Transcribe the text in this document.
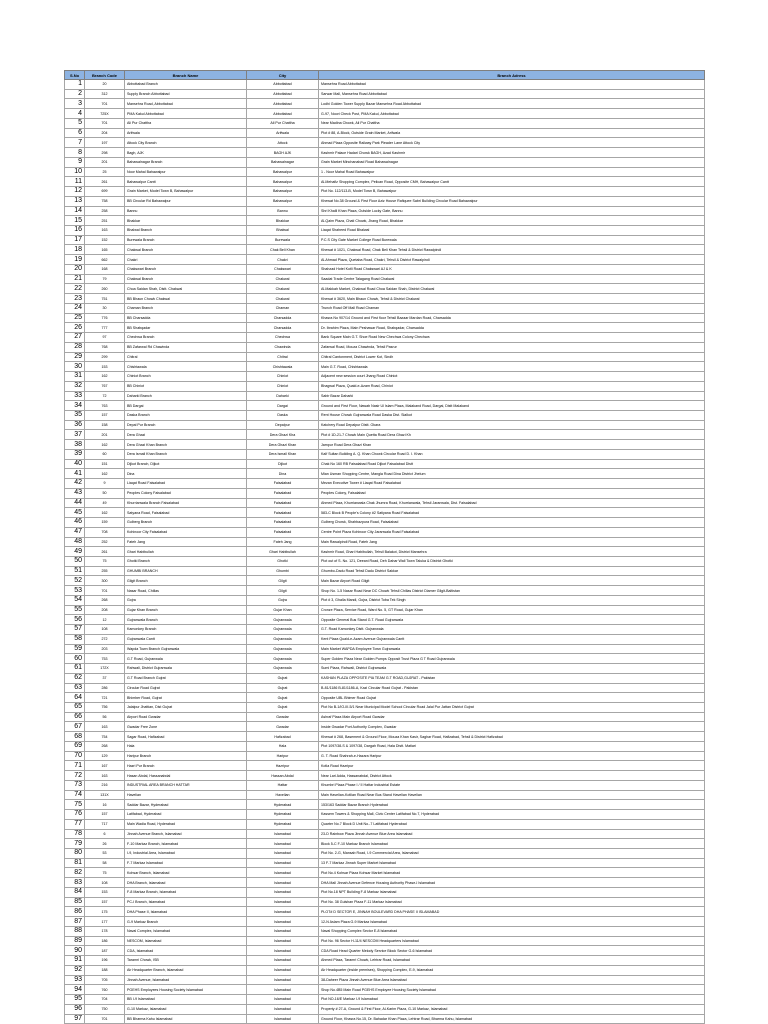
S.No	Branch Code	Branch Name	City	Branch Adress
1	20	Abbottabad Branch	Abbottabad	Mansehra Road Abbottabad
2	312	Supply Branch Abbottabad	Abbottabad	Sarwar Mall, Mansehra Road Abbottabad
3	701	Mansehra Road, Abbottabad	Abbottabad	Lodhi Golden Tower Supply Bazar Mansehra Road Abbottabad
4	725X	PMA Kakul Abbottabad	Abbottabad	G-97, Noori Check Post, PMA Kakul, Abbottabad
5	701	Ali Pur Chattha	Ali Pur Chattha	Near Madina Chowk, Ali Pur Chattha
6	204	Arifwala	Arifwala	Plot # 88, A-Block, Outside Grain Market, Arifwala
7	197	Attock City Branch	Attock	Ahmad Plaza Opposite Railway Park Pleader Lane Attock City
8	298	Bagh, AJK	BAGH AJK	Kashmir Palace Hadari Chowk BAGH, Azad Kashmir
9	201	Bahawalnagar Branch	Bahawalnagar	Grain Market Minchanabad Road Bahawalnagar
10	25	Noor Mahal Bahawalpur	Bahawalpur	1 - Noor Mahal Road Bahawalpur
11	261	Bahawalpur Cantt	Bahawalpur	Al-Mehafiz Shopping Complex, Pelican Road, Opposite CMH, Bahawalpur Cantt
12	699	Grain Market, Model Town B, Bahawalpur	Bahawalpur	Plot No. 112/113-B, Model Town B, Bahawalpur
13	758	BB Circular Rd Bahawalpur	Bahawalpur	Khewat No.38 Ground & First Floor Aziz House Rafiquee Sabri Building Circular Road Bahawalpur
14	258	Bannu	Bannu	Shri Khalil Khan Plaza, Outside Lucky Gate, Bannu
15	251	Bhakkar	Bhakkar	Al-Qaim Plaza, Chati Chowk, Jhang Road, Bhakkar
16	163	Bhalwal Branch	Bhalwal	Liaqat Shaheed Road Bhalwal
17	152	Burewala Branch	Burewala	P.C.S City Gate Market College Road Burewala
18	165	Chakwal Branch	Chak Beli Khan	Khewat # 1021, Chakwal Road, Chak Beli Khan Tehsil & District Rawalpindi
19	662	Chakri	Chakri	Al-Ahmad Plaza, Quetaba Road, Chakri, Tehsil & District Rawalpindi
20	168	Chakswari Branch	Chakswari	Shahzad Hotel Kotli Road Chakswari AJ & K
21	79	Chakwal Branch	Chakwal	Saadat Trade Centre Talagang Road Chakwal
22	260	Choa Saidan Shah, Distt. Chakwal	Chakwal	Al-Makkah Market, Chakwal Road Choa Saidan Shah, District Chakwal
23	751	BB Bhaun Chowk Chakwal	Chakwal	Khewat # 3620, Main Bhaun Chowk, Tehsil & District Chakwal
24	30	Chaman Branch	Chaman	Trunch Road Off Mall Road Chaman
25	776	BB Charsadda	Charsadda	Khasra No 907/14 Ground and First floor Tehsil Bazaar Mardan Road, Charsadda
26	777	BB Shabqadar	Charsadda	Dr. Ibrahim Plaza, Main Peshawar Road, Shabqadar, Charsadda
27	97	Chechwa Branch	Chechwa	Bank Square Main G.T. Shoe Road New Chechwa Colony Chechwa
28	768	BB Zafarwal Rd Chawinda	Chawinda	Zafarwal Road, Mouza Chawinda, Tehsil Pasrur
29	299	Chitral	Chitral	Chitral Cantonment, District Lower Kot, Sindh
30	153	Chishtawala	Chishtawala	Main G.T. Road, Chishtawala
31	162	Chiniot Branch	Chiniot	Adjacent new session court Jhang Road Chiniot
32	767	BB Chiniot	Chiniot	Bhagwal Plaza, Quaid-e-Azam Road, Chiniot
33	72	Daharki Branch	Daharki	Sabir Bazar Daharki
34	763	BB Dargai	Dargai	Ground and First Floor, Nawab Nasir Ul Islam Plaza, Malakand Road, Dargai, Distt Malakand
35	157	Daska Branch	Daska	Rent House Chowk Gujranwala Road Daska Dist. Sialkot
36	158	Depal Pur Branch	Depalpur	Katchery Road Depalpur Distt. Okara
37	201	Dera Ghazi	Dera Ghazi Kha	Plot # 1D-21-7 Chowk Main Quetta Road Dera Ghazi Kh
38	162	Dera Ghazi Khan Branch	Dera Ghazi Khan	Jampur Road Dera Ghazi Khan
39	60	Dera Ismail Khan Branch	Dera Ismail Khan	Kalf Sultan Building A. Q. Khan Chowk Circular Road D. I. Khan
40	151	Dijkot Branch, Dijkot	Dijkot	Chak No 160 RB Faisalabad Road Dijkot Faisalabad Distt
41	162	Dina	Dina	Mian Usman Shopping Centre, Mangla Road Dina District Jhelum
42	9	Liaqat Road Faisalabad	Faisalabad	Mezan Executive Tower # Liaqat Road Faisalabad
43	50	Peoples Colony Faisalabad	Faisalabad	Peoples Colony, Faisalabad
44	49	Khurrianwala Branch Faisalabad	Faisalabad	Ahmed Plaza, Khurrianwala Chak Jhumra Road, Khurrianwala, Tehsil Jaranwala, Dist. Faisalabad
45	162	Satyana Road, Faisalabad	Faisalabad	583-C Block B People's Colony #2 Satiyana Road Faisalabad
46	159	Gulberg Branch	Faisalabad	Gulberg Chowk, Shahbazpura Road, Faisalabad
47	708	Kohinoor City Faisalabad	Faisalabad	Centre Point Plaza Kohinoor City Jaranwala Road Faisalabad
48	252	Fateh Jang	Fateh Jang	Main Rawalpindi Road, Fateh Jang
49	261	Ghari Habibullah	Ghari Habibullah	Kashmir Road, Ghari Habibullah, Tehsil Balakot, District Mansehra
50	75	Ghotki Branch	Ghotki	Plot out of S. No. 121, Deeani Road, Deh Dahar Wali Town Taluka & District Ghotki
51	255	GHUMBI BRANCH	Ghumbi	Ghumbo-Dadu Road Tehsil Dadu District Sakkar
52	300	Gilgit Branch	Gilgit	Main Bazar Airport Road Gilgit
53	701	Nasar Road, Chillas	Gilgit	Shop No. 1-5 Nasar Road Near DC Chowk Tehsil Chillas District Diamer Gilgit-Baltistan
54	268	Gojra	Gojra	Plot # 3, Ghalla Mandi, Gojra, District Toba Tek Singh
55	208	Gujar Khan Branch	Gujar Khan	Cronze Plaza, Service Road, Ward No. 5, GT Road, Gujar Khan
56	12	Gujranwala Branch	Gujranwala	Opposite General Bus Stand G.T. Road Gujranwala
57	108	Kamonkey Branch	Gujranwala	G.T. Road Kamonkey Distt. Gujranwala
58	272	Gujranwala Cantt	Gujranwala	Kent Plaza Quaid-e-Azam Avenue Gujranwala Cantt
59	203	Wapda Town Branch Gujranwala	Gujranwala	Main Market WAPDA Employee Town Gujranwala
60	753	G.T Road, Gujranwala	Gujranwala	Super Golden Plaza Near Golden Pumps Opposit Trust Plaza G T Road Gujranwala
61	172X	Rahwali, District Gujranwala	Gujranwala	Sumi Plaza, Rahwali, District Gujranwala
62	37	G.T Road Branch Gujrat	Gujrat	KASHAN PLAZA OPPOSITE PIA TEAM G.T ROAD,GUJRAT - Pakistan
63	286	Circular Road Gujrat	Gujrat	B-81/1186 B-81/1186-A, Kazi Circular Road Gujrat - Pakistan
64	721	Bhimber Road, Gujrat	Gujrat	Opposite UBL Bhimer Road Gujrat
65	756	Jalalpur Jhattian, Dist Gujrat	Gujrat	Plot No B-1/IO-III-5/1 Near Municipal Model School Circular Road Jalal Pur Jattan District Gujrat
66	56	Airport Road Gwadar	Gwadar	Ashraf Plaza Main Airport Road Gwadar
67	163	Gwadar Free Zone	Gwadar	Inside Gwadar Port Authority Complex, Gwadar
68	754	Sagar Road, Hafizabad	Hafizabad	Khewat # 268, Basement & Ground Floor, Mouza Khan Kasir, Saghar Road, Hafizabad, Tehsil & District Hafizabad
69	268	Hala	Hala	Plot 1097/38-S & 1097/38, Dargah Road, Hala Distt. Matiari
70	129	Haripur Branch	Haripur	G. T. Road Shahrah-e-Hazara Haripur
71	167	Hazri Pur Branch	Hazripur	Kotla Road Hazripur
72	163	Hasan Abdal, Hassanabdal	Hassan Abdal	Near Lari Adda, Hassanabdal, District Attock
73	216	INDUSTRIAL AREA BRANCH HATTAR	Hattar	Khumbri Plaza Phase I / II Hattar Industrial Estate
74	131X	Havelian	Havelian	Main Havelian-Kotlian Road Near Bus Stand Havelian Havelian
75	16	Saddar Bazar, Hyderabad	Hyderabad	153/163 Saddar Bazar Branch Hyderabad
76	157	Latifabad, Hyderabad	Hyderabad	Kassem Towers & Shopping Mall, Civic Center Latifabad No.7, Hyderabad
77	717	Main Wadia Road, Hyderabad	Hyderabad	Quarter No.7 Block D Unit No.-7 Latifabad Hyderabad
78	6	Jinnah Avenue Branch, Islamabad	Islamabad	23-D Rainbow Plaza Jinnah Avenue Blue Area Islamabad
79	26	F-10 Markaz Branch, Islamabad	Islamabad	Block 5-C F-10 Markaz Branch Islamabad
80	53	I-9, Industrial Area, Islamabad	Islamabad	Plot No. 2-G, Mansab Road, I-9 Commercial Area, Islamabad
81	58	F-7 Markaz Islamabad	Islamabad	13 F-7 Markaz Jinnah Super Market Islamabad
82	75	Kohsar Branch, Islamabad	Islamabad	Plot No.4 Kohsar Plaza Kohsar Market Islamabad
83	108	DHA Branch, Islamabad	Islamabad	DHA Mall Jinnah Avenue Defence Housing Authority Phase-I Islamabad
84	153	F-8 Markaz Branch, Islamabad	Islamabad	Plot No.18 NPT Building F-8 Markaz Islamabad
85	157	PC-I Branch, Islamabad	Islamabad	Plot No. 38 Gulshan Plaza F-11 Markaz Islamabad
86	175	DHA Phase II, Islamabad	Islamabad	PLOT# D SECTOR E, JINNAH BOULEVARD DHA PHASE II ISLAMABAD
87	177	G-9 Markaz Branch	Islamabad	12-N Aslam Plaza G-9 Markaz Islamabad
88	178	Naval Complex, Islamabad	Islamabad	Naval Shopping Complex Sector E-8 Islamabad
89	186	NESCOM, Islamabad	Islamabad	Plot No. 96 Sector H-11/4 NESCOM Headquarters Islamabad
90	187	CDA, Islamabad	Islamabad	CDA Road Head Quarter Melody Service Block Sector G-6 Islamabad
91	196	Taramri Chowk, ISB	Islamabad	Ahmed Plaza, Taramri Chowk, Lehtrar Road, Islamabad
92	188	Air Headquarter Branch, Islamabad	Islamabad	Air Headquarter (inside premises), Shopping Complex, E-9, Islamabad
93	705	Jinnah Avenue, Islamabad	Islamabad	38-Daheer Plaza Jinnah Avenue Blue Area Islamabad
94	760	PGEHS Employees Housing Society Islamabad	Islamabad	Shop No.4B5 Main Road PGEHS Employee Housing Society Islamabad
95	704	BB I-9 Islamabad	Islamabad	Plot NO-16/E Markaz I-9 Islamabad
96	750	G-10 Markaz, Islamabad	Islamabad	Property # 27-A, Ground & First Floor, Al-Karim Plaza, G-10 Markaz, Islamabad
97	701	BB Bharma Kahu Islamabad	Islamabad	Ground Floor, Khasra No.15, Dr. Bahadar Khan Plaza, Lehtrar Road, Bharma Kahu, Islamabad
